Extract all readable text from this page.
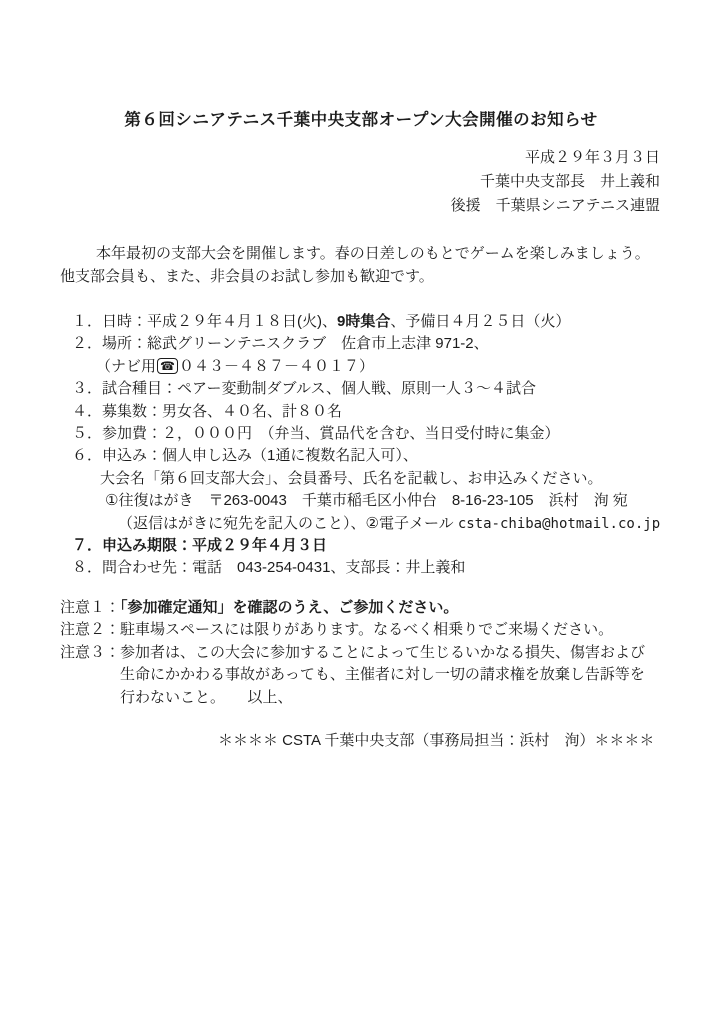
第６回シニアテニス千葉中央支部オープン大会開催のお知らせ
平成２９年３月３日
千葉中央支部長　井上義和
後援　千葉県シニアテニス連盟
本年最初の支部大会を開催します。春の日差しのもとでゲームを楽しみましょう。
他支部会員も、また、非会員のお試し参加も歓迎です。
１．日時：平成２９年４月１８日(火)、9時集合、予備日４月２５日（火）
２．場所：総武グリーンテニスクラブ　佐倉市上志津 971-2、
（ナビ用 ☎ ０４３－４８７－４０１７）
３．試合種目：ペアー変動制ダブルス、個人戦、原則一人３～４試合
４．募集数：男女各、４０名、計８０名
５．参加費：２，０００円　（弁当、賞品代を含む、当日受付時に集金）
６．申込み：個人申し込み（1通に複数名記入可）、
大会名「第６回支部大会」、会員番号、氏名を記載し、お申込みください。
①往復はがき　〒263-0043　千葉市稲毛区小仲台　8-16-23-105　浜村　洵 宛
（返信はがきに宛先を記入のこと）、②電子メール csta-chiba@hotmail.co.jp
７．申込み期限：平成２９年４月３日
８．問合わせ先：電話　043-254-0431、支部長：井上義和
注意１：「参加確定通知」を確認のうえ、ご参加ください。
注意２：駐車場スペースには限りがあります。なるべく相乗りでご来場ください。
注意３： 参加者は、この大会に参加することによって生じるいかなる損失、傷害および
生命にかかわる事故があっても、主催者に対し一切の請求権を放棄し告訴等を
行わないこと。　　以上、
＊＊＊＊ CSTA 千葉中央支部（事務局担当：浜村　洵）＊＊＊＊
